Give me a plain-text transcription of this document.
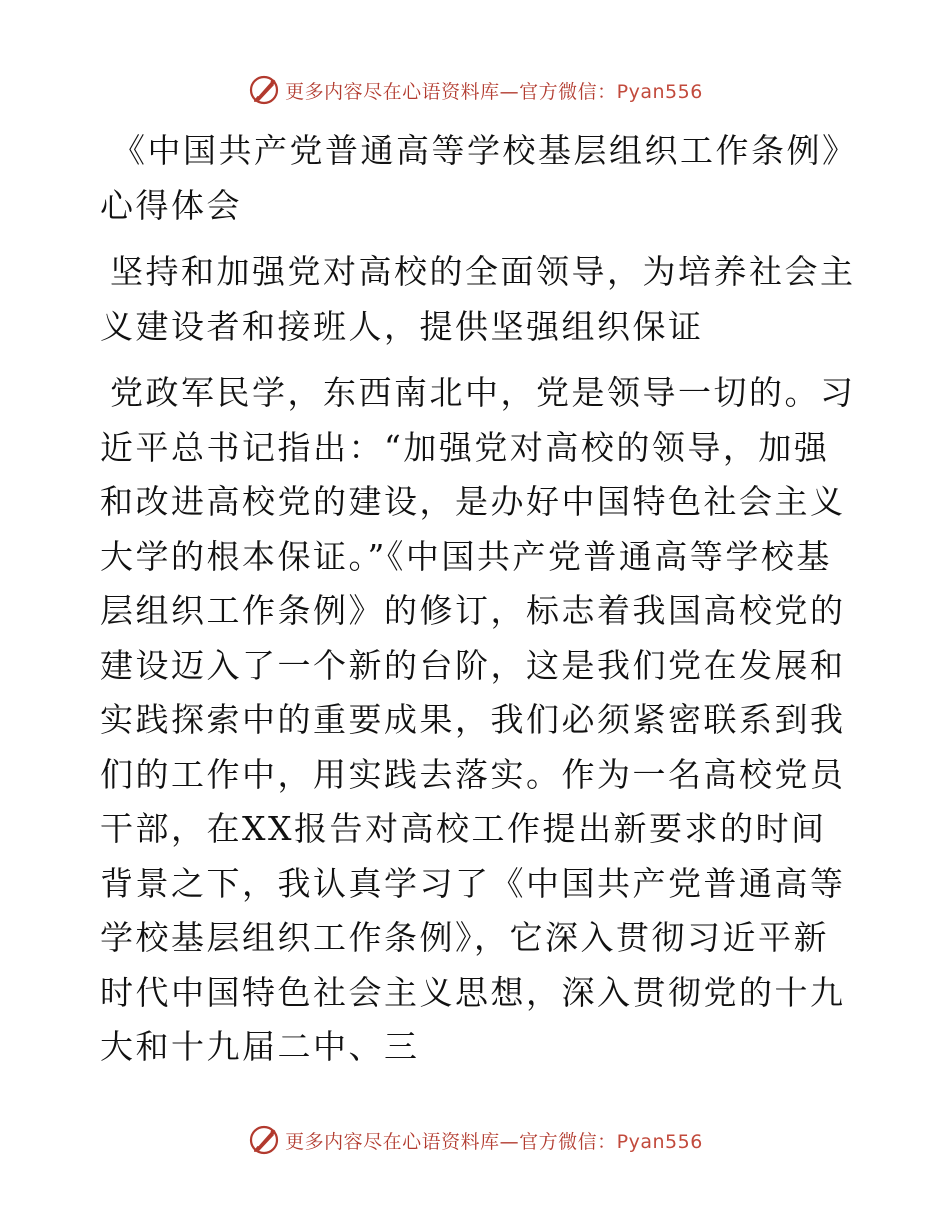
更多内容尽在心语资料库—官方微信：Pyan556

《中国共产党普通高等学校基层组织工作条例》心得体会

坚持和加强党对高校的全面领导，为培养社会主义建设者和接班人，提供坚强组织保证

党政军民学，东西南北中，党是领导一切的。习近平总书记指出：“加强党对高校的领导，加强和改进高校党的建设，是办好中国特色社会主义大学的根本保证。”《中国共产党普通高等学校基层组织工作条例》的修订，标志着我国高校党的建设迈入了一个新的台阶，这是我们党在发展和实践探索中的重要成果，我们必须紧密联系到我们的工作中，用实践去落实。作为一名高校党员干部，在XX报告对高校工作提出新要求的时间背景之下，我认真学习了《中国共产党普通高等学校基层组织工作条例》，它深入贯彻习近平新时代中国特色社会主义思想，深入贯彻党的十九大和十九届二中、三

更多内容尽在心语资料库—官方微信：Pyan556
